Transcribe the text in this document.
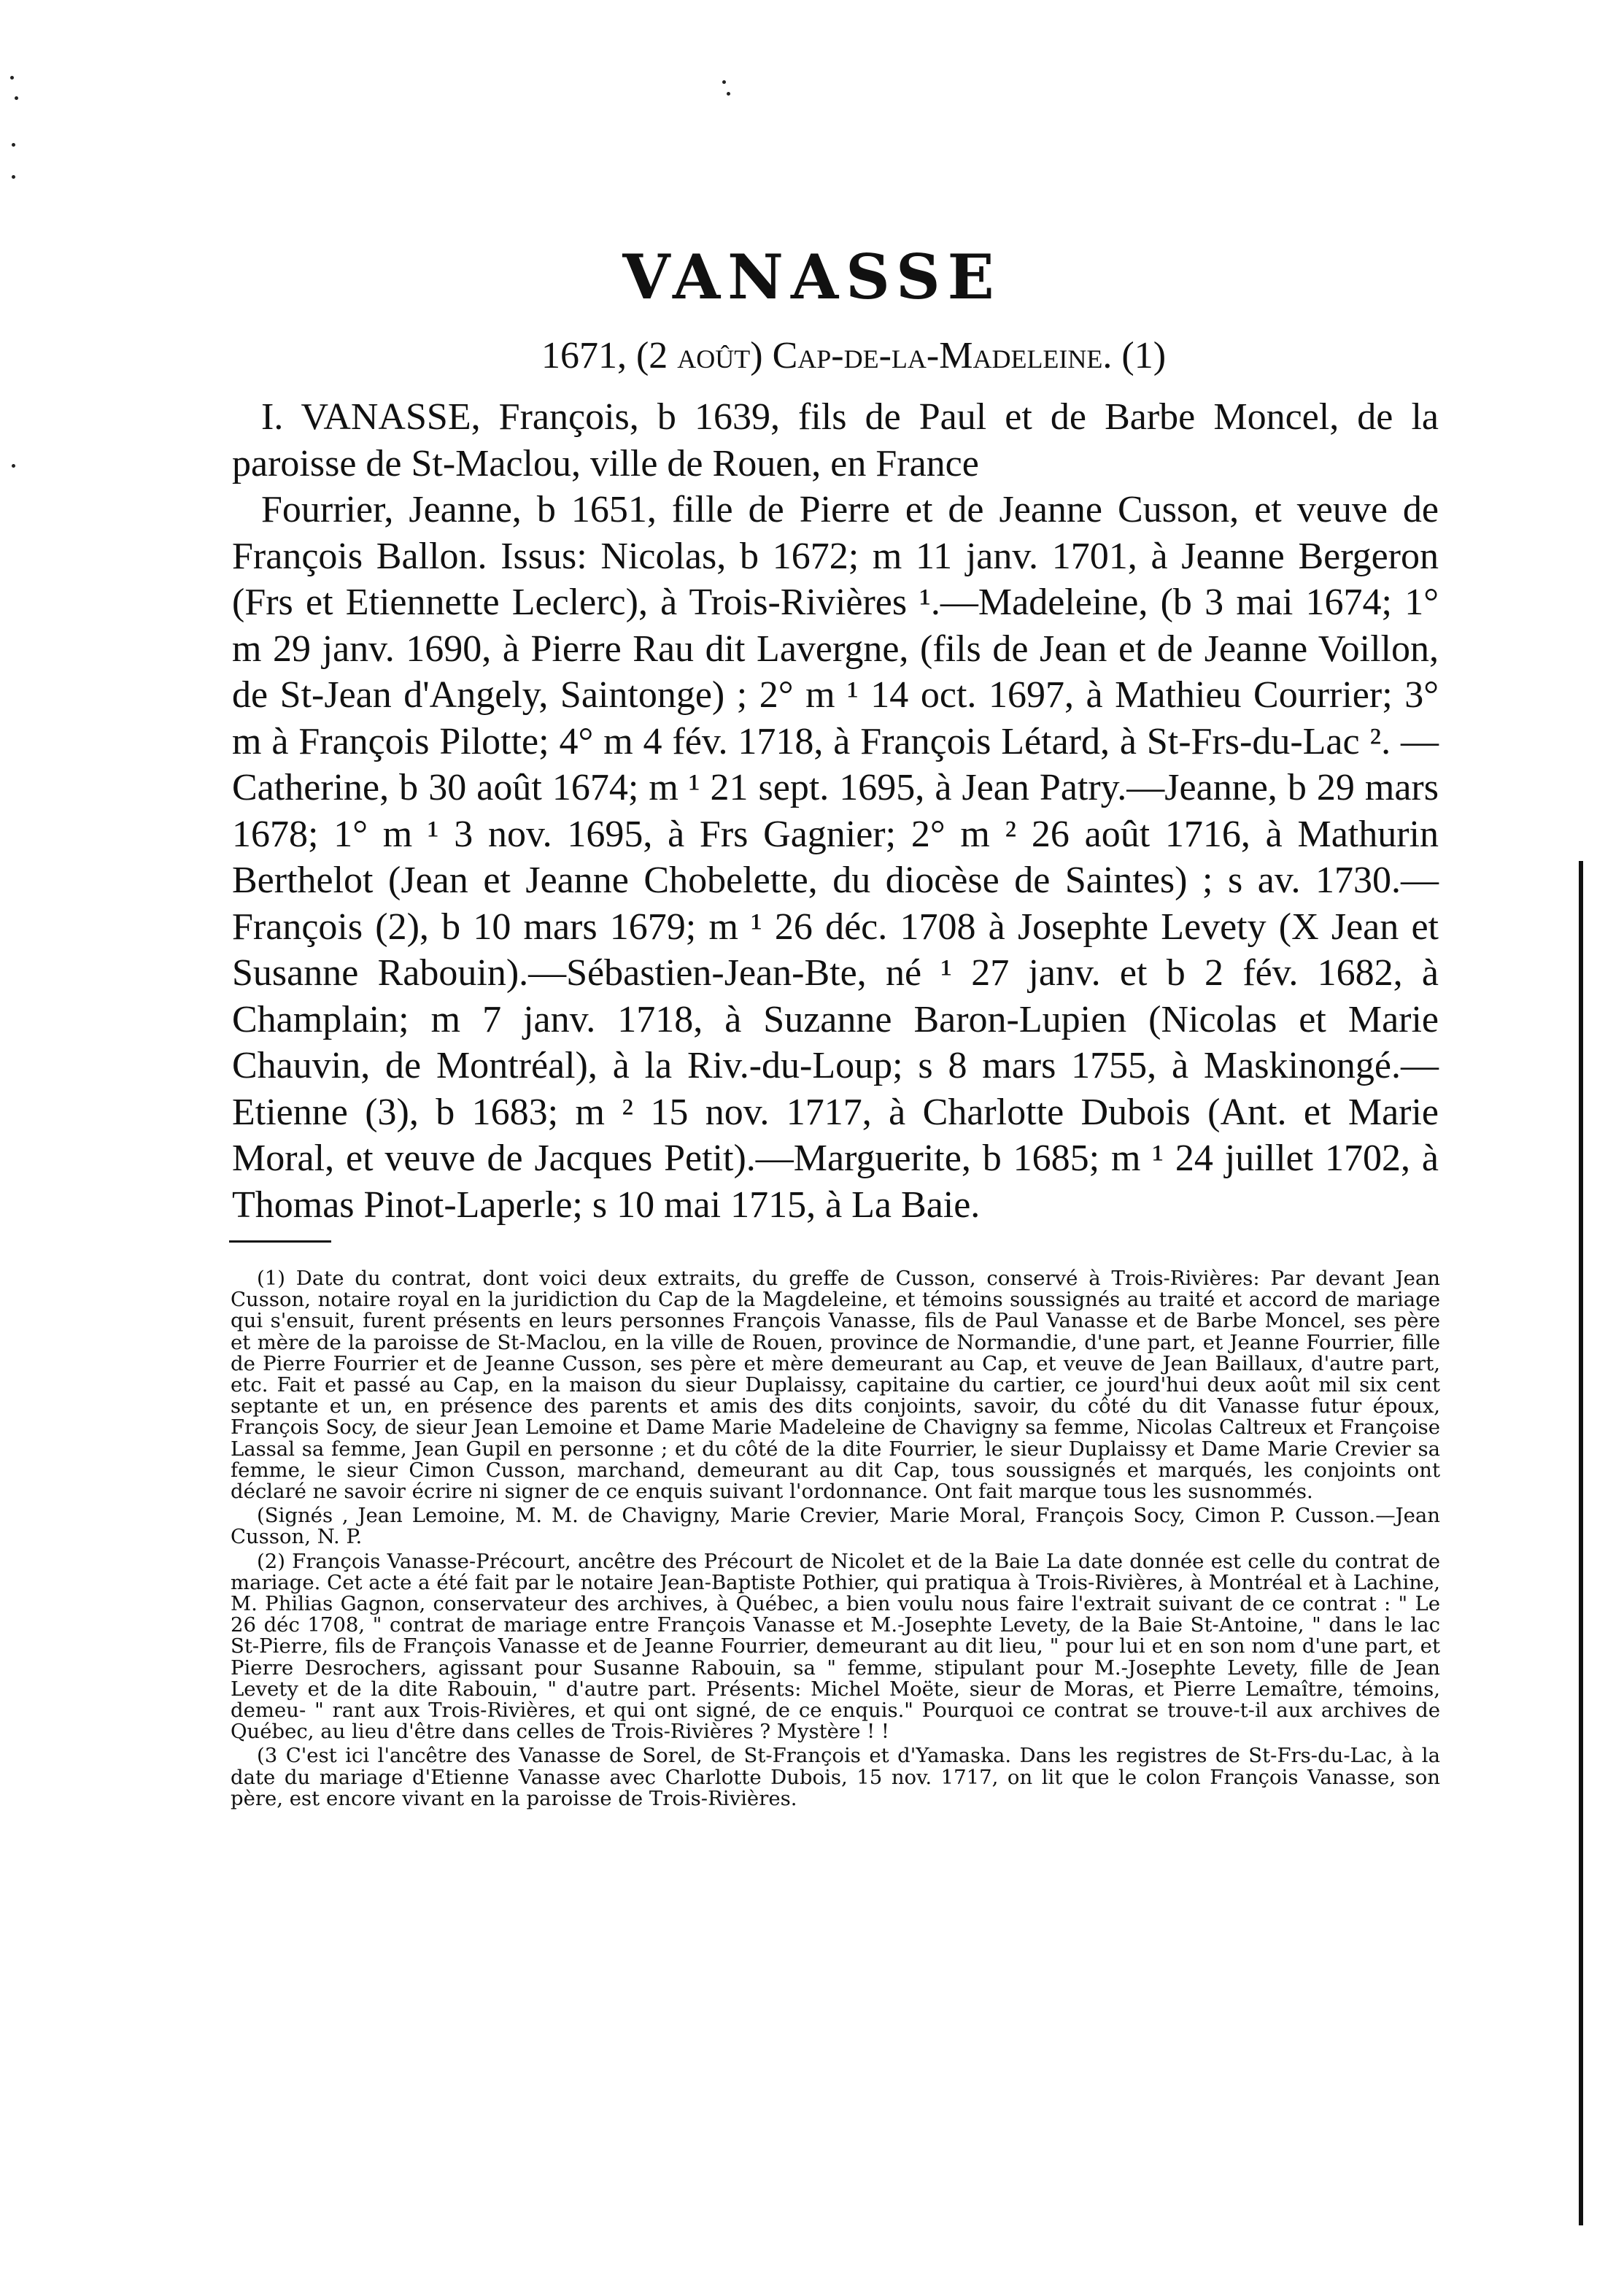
VANASSE
1671, (2 août) Cap-de-la-Madeleine. (1)

I. VANASSE, François, b 1639, fils de Paul et de Barbe Moncel, de la paroisse de St-Maclou, ville de Rouen, en France

Fourrier, Jeanne, b 1651, fille de Pierre et de Jeanne Cusson, et veuve de François Ballon. Issus: Nicolas, b 1672; m 11 janv. 1701, à Jeanne Bergeron (Frs et Etiennette Leclerc), à Trois-Rivières ¹.—Madeleine, (b 3 mai 1674; 1° m 29 janv. 1690, à Pierre Rau dit Lavergne, (fils de Jean et de Jeanne Voillon, de St-Jean d'Angely, Saintonge) ; 2° m ¹ 14 oct. 1697, à Mathieu Courrier; 3° m à François Pilotte; 4° m 4 fév. 1718, à François Létard, à St-Frs-du-Lac ². —Catherine, b 30 août 1674; m ¹ 21 sept. 1695, à Jean Patry.—Jeanne, b 29 mars 1678; 1° m ¹ 3 nov. 1695, à Frs Gagnier; 2° m ² 26 août 1716, à Mathurin Berthelot (Jean et Jeanne Chobelette, du diocèse de Saintes) ; s av. 1730.—François (2), b 10 mars 1679; m ¹ 26 déc. 1708 à Josephte Levety (X Jean et Susanne Rabouin).—Sébastien-Jean-Bte, né ¹ 27 janv. et b 2 fév. 1682, à Champlain; m 7 janv. 1718, à Suzanne Baron-Lupien (Nicolas et Marie Chauvin, de Montréal), à la Riv.-du-Loup; s 8 mars 1755, à Maskinongé.—Etienne (3), b 1683; m ² 15 nov. 1717, à Charlotte Dubois (Ant. et Marie Moral, et veuve de Jacques Petit).—Marguerite, b 1685; m ¹ 24 juillet 1702, à Thomas Pinot-Laperle; s 10 mai 1715, à La Baie.

(1) Date du contrat, dont voici deux extraits, du greffe de Cusson, conservé à Trois-Rivières: Par devant Jean Cusson, notaire royal en la juridiction du Cap de la Magdeleine, et témoins soussignés au traité et accord de mariage qui s'ensuit, furent présents en leurs personnes François Vanasse, fils de Paul Vanasse et de Barbe Moncel, ses père et mère de la paroisse de St-Maclou, en la ville de Rouen, province de Normandie, d'une part, et Jeanne Fourrier, fille de Pierre Fourrier et de Jeanne Cusson, ses père et mère demeurant au Cap, et veuve de Jean Baillaux, d'autre part, etc. Fait et passé au Cap, en la maison du sieur Duplaissy, capitaine du cartier, ce jourd'hui deux août mil six cent septante et un, en présence des parents et amis des dits conjoints, savoir, du côté du dit Vanasse futur époux, François Socy, de sieur Jean Lemoine et Dame Marie Madeleine de Chavigny sa femme, Nicolas Caltreux et Françoise Lassal sa femme, Jean Gupil en personne ; et du côté de la dite Fourrier, le sieur Duplaissy et Dame Marie Crevier sa femme, le sieur Cimon Cusson, marchand, demeurant au dit Cap, tous soussignés et marqués, les conjoints ont déclaré ne savoir écrire ni signer de ce enquis suivant l'ordonnance. Ont fait marque tous les susnommés.

(Signés , Jean Lemoine, M. M. de Chavigny, Marie Crevier, Marie Moral, François Socy, Cimon P. Cusson.—Jean Cusson, N. P.

(2) François Vanasse-Précourt, ancêtre des Précourt de Nicolet et de la Baie La date donnée est celle du contrat de mariage. Cet acte a été fait par le notaire Jean-Baptiste Pothier, qui pratiqua à Trois-Rivières, à Montréal et à Lachine, M. Philias Gagnon, conservateur des archives, à Québec, a bien voulu nous faire l'extrait suivant de ce contrat : " Le 26 déc 1708, " contrat de mariage entre François Vanasse et M.-Josephte Levety, de la Baie St-Antoine, " dans le lac St-Pierre, fils de François Vanasse et de Jeanne Fourrier, demeurant au dit lieu, " pour lui et en son nom d'une part, et Pierre Desrochers, agissant pour Susanne Rabouin, sa " femme, stipulant pour M.-Josephte Levety, fille de Jean Levety et de la dite Rabouin, " d'autre part. Présents: Michel Moëte, sieur de Moras, et Pierre Lemaître, témoins, demeu- " rant aux Trois-Rivières, et qui ont signé, de ce enquis." Pourquoi ce contrat se trouve-t-il aux archives de Québec, au lieu d'être dans celles de Trois-Rivières ? Mystère ! !

(3 C'est ici l'ancêtre des Vanasse de Sorel, de St-François et d'Yamaska. Dans les registres de St-Frs-du-Lac, à la date du mariage d'Etienne Vanasse avec Charlotte Dubois, 15 nov. 1717, on lit que le colon François Vanasse, son père, est encore vivant en la paroisse de Trois-Rivières.
